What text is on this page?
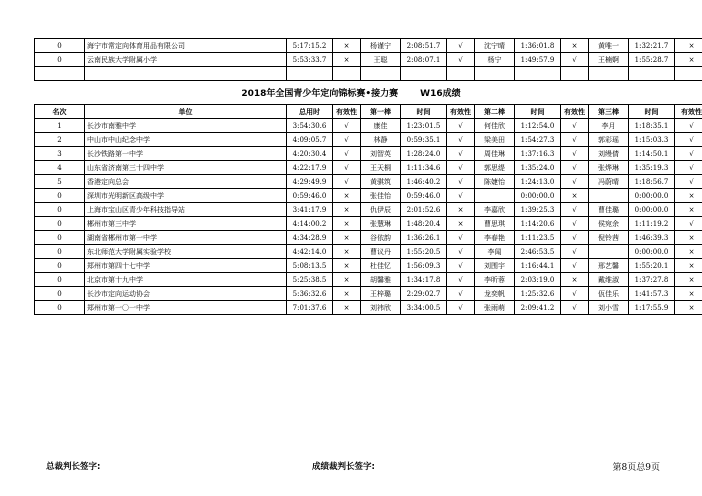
0	海宁市常定向体育用品有限公司	5:17:15.2	×	杨谨宁	2:08:51.7	√	沈宁晴	1:36:01.8	×	黄唯一	1:32:21.7	×
0	云南民族大学附属小学	5:53:33.7	×	王聪	2:08:07.1	√	杨宁	1:49:57.9	√	王楠婀	1:55:28.7	×

2018年全国青少年定向锦标赛•接力赛 W16成绩
名次	单位	总用时	有效性	第一棒	时间	有效性	第二棒	时间	有效性	第三棒	时间	有效性
1	长沙市南雅中学	3:54:30.6	√	康佳	1:23:01.5	√	何佳欣	1:12:54.0	√	李月	1:18:35.1	√
2	中山市中山纪念中学	4:09:05.7	√	林静	0:59:35.1	√	梁美田	1:54:27.3	√	郭彩瑶	1:15:03.3	√
3	长沙铁路第一中学	4:20:30.4	√	刘智英	1:28:24.0	√	周佳琳	1:37:16.3	√	刘缦倩	1:14:50.1	√
4	山东省济南第三十四中学	4:22:17.9	√	王天桐	1:11:34.6	√	郭思缇	1:35:24.0	√	张烨琳	1:35:19.3	√
5	香港定向总会	4:29:49.9	√	黄骐筑	1:46:40.2	√	陈婕怡	1:24:13.0	√	冯蔚晴	1:18:56.7	√
0	深圳市光明新区高级中学	0:59:46.0	×	张佳怡	0:59:46.0	√		0:00:00.0	×		0:00:00.0	×
0	上海市宝山区青少年科技指导站	3:41:17.9	×	仇伊辰	2:01:52.6	×	李嘉欣	1:39:25.3	√	曹佳璐	0:00:00.0	×
0	郴州市第三中学	4:14:00.2	×	张慧琳	1:48:20.4	×	曹思琪	1:14:20.6	√	侯宛余	1:11:19.2	√
0	湖南省郴州市第一中学	4:34:28.9	×	谷依韵	1:36:26.1	√	李春艳	1:11:23.5	√	倪铃茜	1:46:39.3	×
0	东北师范大学附属实验学校	4:42:14.0	×	曹议丹	1:55:20.5	√	李闻	2:46:53.5	√		0:00:00.0	×
0	郑州市第四十七中学	5:08:13.5	×	杜佳忆	1:56:09.3	√	刘围宇	1:16:44.1	√	邢艺馨	1:55:20.1	×
0	北京市第十九中学	5:25:38.5	×	胡馨雅	1:34:17.8	√	李昕蓉	2:03:19.0	×	戴维淑	1:37:27.8	×
0	长沙市定向运动协会	5:36:32.6	×	王梓璐	2:29:02.7	√	龙奕帆	1:25:32.6	√	佤佳乐	1:41:57.3	×
0	郑州市第一〇一中学	7:01:37.6	×	刘祎欣	3:34:00.5	√	张雨萌	2:09:41.2	√	刘小雪	1:17:55.9	×
总裁判长签字:	成绩裁判长签字:	第8页总9页
